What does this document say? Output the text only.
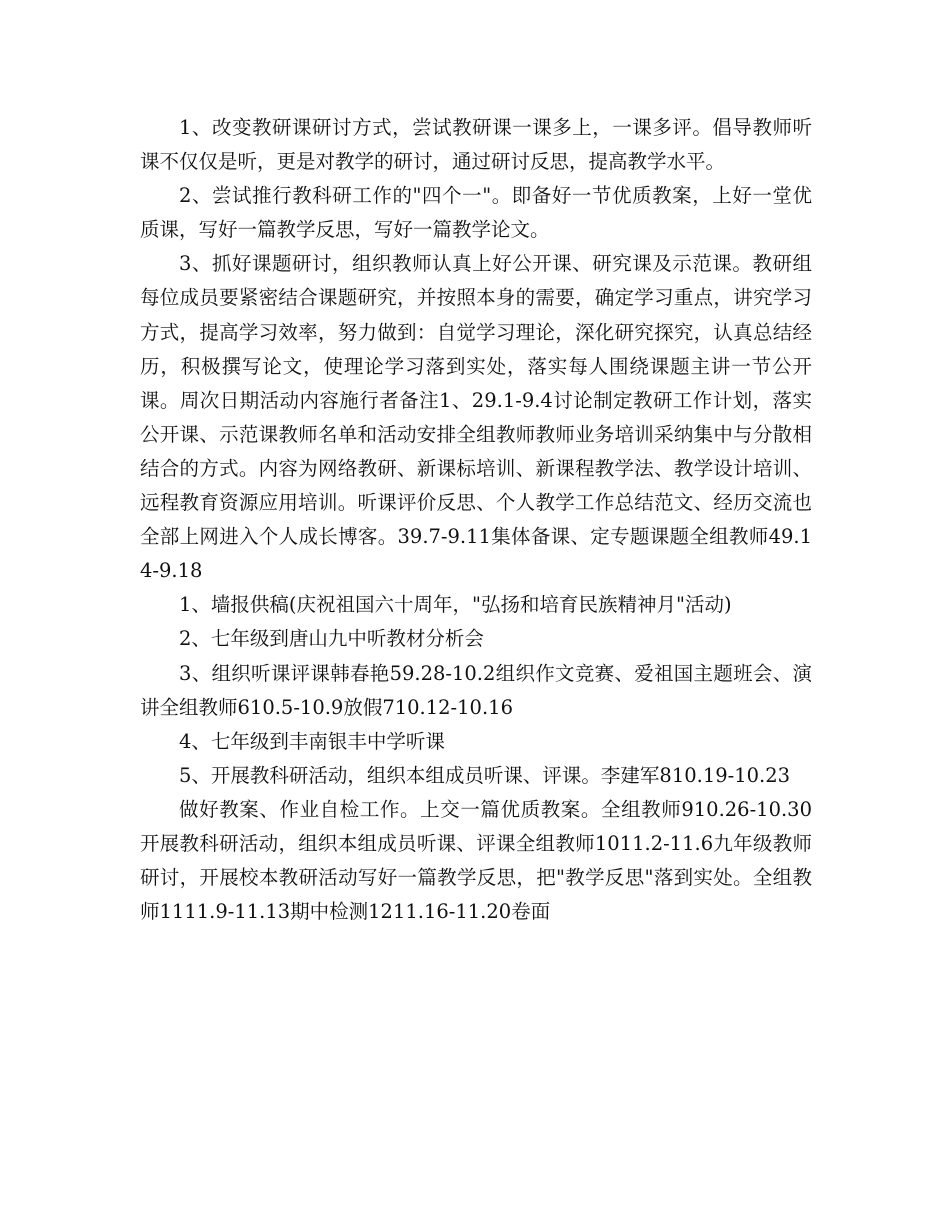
1、改变教研课研讨方式，尝试教研课一课多上，一课多评。倡导教师听课不仅仅是听，更是对教学的研讨，通过研讨反思，提高教学水平。

2、尝试推行教科研工作的"四个一"。即备好一节优质教案，上好一堂优质课，写好一篇教学反思，写好一篇教学论文。

3、抓好课题研讨，组织教师认真上好公开课、研究课及示范课。教研组每位成员要紧密结合课题研究，并按照本身的需要，确定学习重点，讲究学习方式，提高学习效率，努力做到：自觉学习理论，深化研究探究，认真总结经历，积极撰写论文，使理论学习落到实处，落实每人围绕课题主讲一节公开课。周次日期活动内容施行者备注1、29.1-9.4讨论制定教研工作计划，落实公开课、示范课教师名单和活动安排全组教师教师业务培训采纳集中与分散相结合的方式。内容为网络教研、新课标培训、新课程教学法、教学设计培训、远程教育资源应用培训。听课评价反思、个人教学工作总结范文、经历交流也全部上网进入个人成长博客。39.7-9.11集体备课、定专题课题全组教师49.14-9.18

1、墙报供稿(庆祝祖国六十周年，"弘扬和培育民族精神月"活动)

2、七年级到唐山九中听教材分析会

3、组织听课评课韩春艳59.28-10.2组织作文竞赛、爱祖国主题班会、演讲全组教师610.5-10.9放假710.12-10.16

4、七年级到丰南银丰中学听课

5、开展教科研活动，组织本组成员听课、评课。李建军810.19-10.23

做好教案、作业自检工作。上交一篇优质教案。全组教师910.26-10.30开展教科研活动，组织本组成员听课、评课全组教师1011.2-11.6九年级教师研讨，开展校本教研活动写好一篇教学反思，把"教学反思"落到实处。全组教师1111.9-11.13期中检测1211.16-11.20卷面
